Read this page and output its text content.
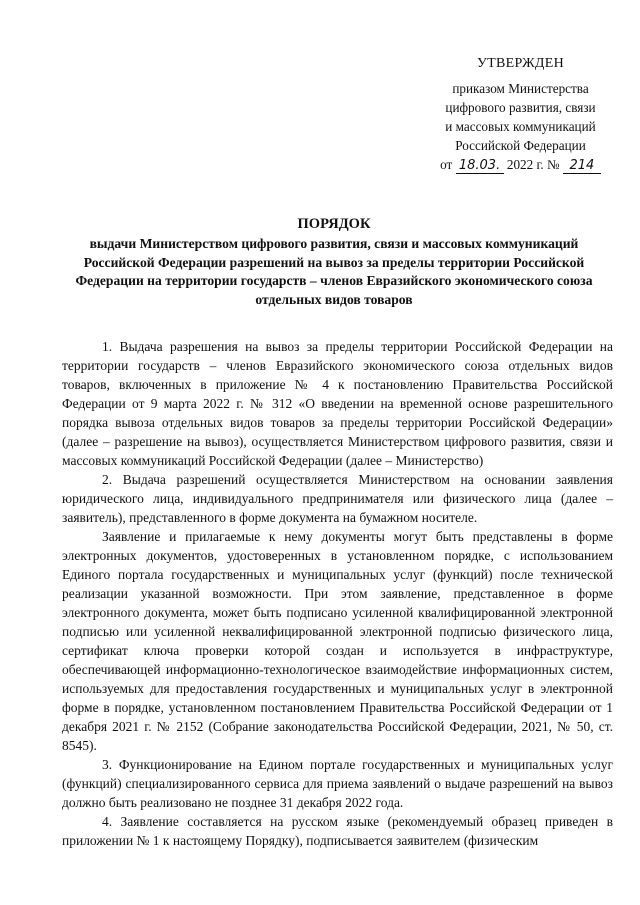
УТВЕРЖДЕН
приказом Министерства
цифрового развития, связи
и массовых коммуникаций
Российской Федерации
от 18.03. 2022 г. № 214
ПОРЯДОК
выдачи Министерством цифрового развития, связи и массовых коммуникаций Российской Федерации разрешений на вывоз за пределы территории Российской Федерации на территории государств – членов Евразийского экономического союза отдельных видов товаров

1. Выдача разрешения на вывоз за пределы территории Российской Федерации на территории государств – членов Евразийского экономического союза отдельных видов товаров, включенных в приложение № 4 к постановлению Правительства Российской Федерации от 9 марта 2022 г. № 312 «О введении на временной основе разрешительного порядка вывоза отдельных видов товаров за пределы территории Российской Федерации» (далее – разрешение на вывоз), осуществляется Министерством цифрового развития, связи и массовых коммуникаций Российской Федерации (далее – Министерство)

2. Выдача разрешений осуществляется Министерством на основании заявления юридического лица, индивидуального предпринимателя или физического лица (далее – заявитель), представленного в форме документа на бумажном носителе.

Заявление и прилагаемые к нему документы могут быть представлены в форме электронных документов, удостоверенных в установленном порядке, с использованием Единого портала государственных и муниципальных услуг (функций) после технической реализации указанной возможности. При этом заявление, представленное в форме электронного документа, может быть подписано усиленной квалифицированной электронной подписью или усиленной неквалифицированной электронной подписью физического лица, сертификат ключа проверки которой создан и используется в инфраструктуре, обеспечивающей информационно-технологическое взаимодействие информационных систем, используемых для предоставления государственных и муниципальных услуг в электронной форме в порядке, установленном постановлением Правительства Российской Федерации от 1 декабря 2021 г. № 2152 (Собрание законодательства Российской Федерации, 2021, № 50, ст. 8545).

3. Функционирование на Едином портале государственных и муниципальных услуг (функций) специализированного сервиса для приема заявлений о выдаче разрешений на вывоз должно быть реализовано не позднее 31 декабря 2022 года.

4. Заявление составляется на русском языке (рекомендуемый образец приведен в приложении № 1 к настоящему Порядку), подписывается заявителем (физическим
